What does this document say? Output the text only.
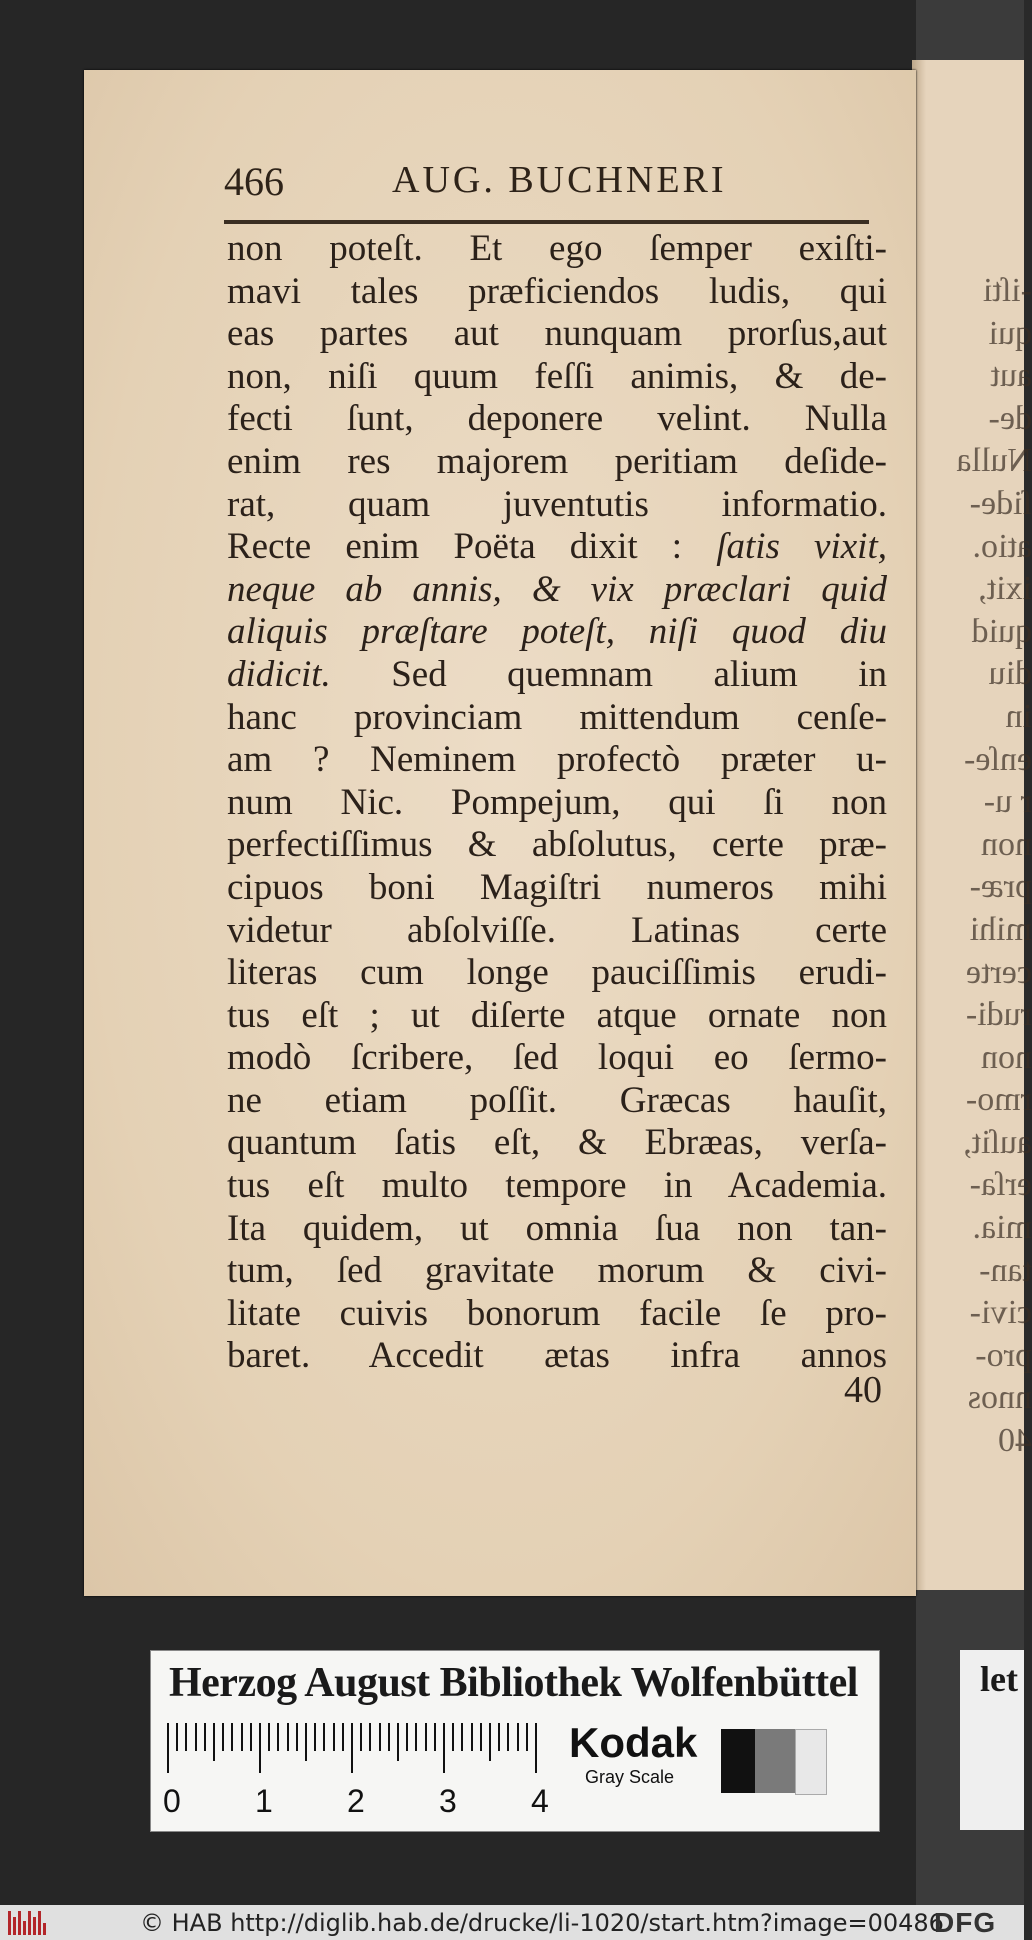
-iſti
qui
aut
de-
Nulla
ſide-
atio.
ixit,
quid
diu
in
enſe-
r u-
non
præ-
mihi
certe
rudi-
non
rmo-
auſit,
erſa-
mia.
tan-
civi-
pro-
nnos
40
466	AUG. BUCHNERI
non poteſt. Et ego ſemper exiſti-
mavi tales præficiendos ludis, qui
eas partes aut nunquam prorſus,aut
non, niſi quum feſſi animis, & de-
fecti ſunt, deponere velint. Nulla
enim res majorem peritiam deſide-
rat, quam juventutis informatio.
Recte enim Poëta dixit : ſatis vixit,
neque ab annis, & vix præclari quid
aliquis præſtare poteſt, niſi quod diu
didicit. Sed quemnam alium in
hanc provinciam mittendum cenſe-
am ? Neminem profectò præter u-
num Nic. Pompejum, qui ſi non
perfectiſſimus & abſolutus, certe præ-
cipuos boni Magiſtri numeros mihi
videtur abſolviſſe. Latinas certe
literas cum longe pauciſſimis erudi-
tus eſt ; ut diſerte atque ornate non
modò ſcribere, ſed loqui eo ſermo-
ne etiam poſſit. Græcas hauſit,
quantum ſatis eſt, & Ebræas, verſa-
tus eſt multo tempore in Academia.
Ita quidem, ut omnia ſua non tan-
tum, ſed gravitate morum & civi-
litate cuivis bonorum facile ſe pro-
baret. Accedit ætas infra annos
40
Herzog August Bibliothek Wolfenbüttel
0 1 2 3 4
Kodak
Gray Scale
let
© HAB http://diglib.hab.de/drucke/li-1020/start.htm?image=00486
DFG
